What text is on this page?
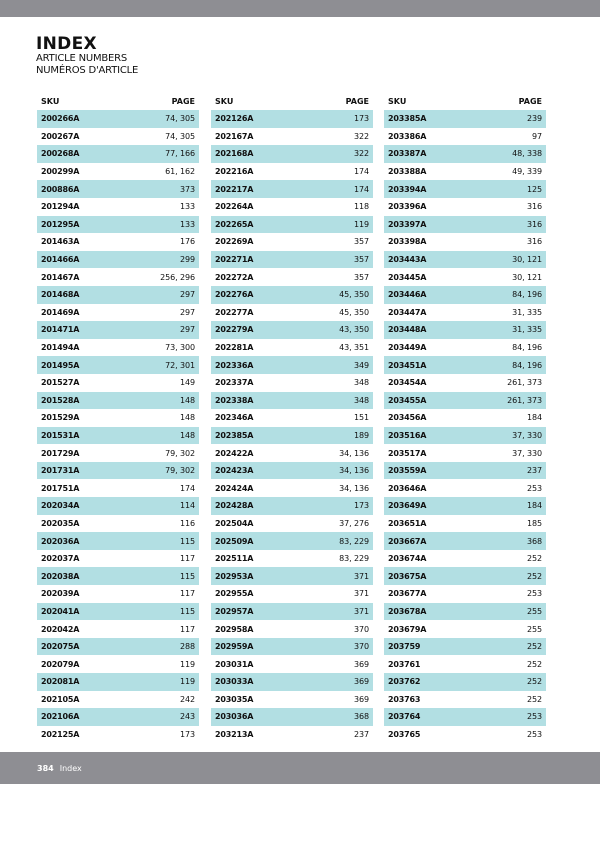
INDEX
ARTICLE NUMBERS
NUMÉROS D'ARTICLE
SKU	PAGE
200266A	74, 305
200267A	74, 305
200268A	77, 166
200299A	61, 162
200886A	373
201294A	133
201295A	133
201463A	176
201466A	299
201467A	256, 296
201468A	297
201469A	297
201471A	297
201494A	73, 300
201495A	72, 301
201527A	149
201528A	148
201529A	148
201531A	148
201729A	79, 302
201731A	79, 302
201751A	174
202034A	114
202035A	116
202036A	115
202037A	117
202038A	115
202039A	117
202041A	115
202042A	117
202075A	288
202079A	119
202081A	119
202105A	242
202106A	243
202125A	173
SKU	PAGE
202126A	173
202167A	322
202168A	322
202216A	174
202217A	174
202264A	118
202265A	119
202269A	357
202271A	357
202272A	357
202276A	45, 350
202277A	45, 350
202279A	43, 350
202281A	43, 351
202336A	349
202337A	348
202338A	348
202346A	151
202385A	189
202422A	34, 136
202423A	34, 136
202424A	34, 136
202428A	173
202504A	37, 276
202509A	83, 229
202511A	83, 229
202953A	371
202955A	371
202957A	371
202958A	370
202959A	370
203031A	369
203033A	369
203035A	369
203036A	368
203213A	237
SKU	PAGE
203385A	239
203386A	97
203387A	48, 338
203388A	49, 339
203394A	125
203396A	316
203397A	316
203398A	316
203443A	30, 121
203445A	30, 121
203446A	84, 196
203447A	31, 335
203448A	31, 335
203449A	84, 196
203451A	84, 196
203454A	261, 373
203455A	261, 373
203456A	184
203516A	37, 330
203517A	37, 330
203559A	237
203646A	253
203649A	184
203651A	185
203667A	368
203674A	252
203675A	252
203677A	253
203678A	255
203679A	255
203759	252
203761	252
203762	252
203763	252
203764	253
203765	253
384 Index
